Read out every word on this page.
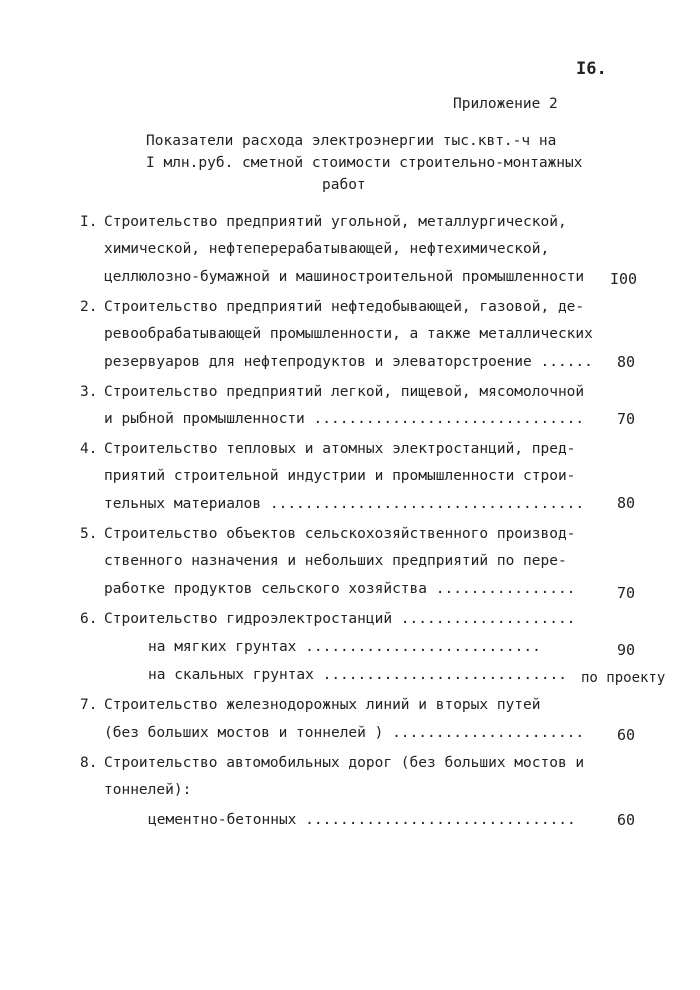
I6.
Приложение 2
Показатели расхода электроэнергии тыс.квт.-ч на
I млн.руб. сметной стоимости строительно-монтажных
работ
I. Строительство предприятий угольной, металлургической,
химической, нефтеперерабатывающей, нефтехимической,
целлюлозно-бумажной и машиностроительной промышленности I00
2. Строительство предприятий нефтедобывающей, газовой, де-
ревообрабатывающей промышленности, а также металлических
резервуаров для нефтепродуктов и элеваторстроение ...... 80
3. Строительство предприятий легкой, пищевой, мясомолочной
и рыбной промышленности ............................... 70
4. Строительство тепловых и атомных электростанций, пред-
приятий строительной индустрии и промышленности строи-
тельных материалов .................................... 80
5. Строительство объектов сельскохозяйственного производ-
ственного назначения и небольших предприятий по пере-
работке продуктов сельского хозяйства ................	70
6. Строительство гидроэлектростанций ....................
на мягких грунтах ...........................	90
на скальных грунтах ............................ по проекту
7. Строительство железнодорожных линий и вторых путей
(без больших мостов и тоннелей ) ...................... 60
8. Строительство автомобильных дорог (без больших мостов и
тоннелей):
цементно-бетонных ...............................	60
